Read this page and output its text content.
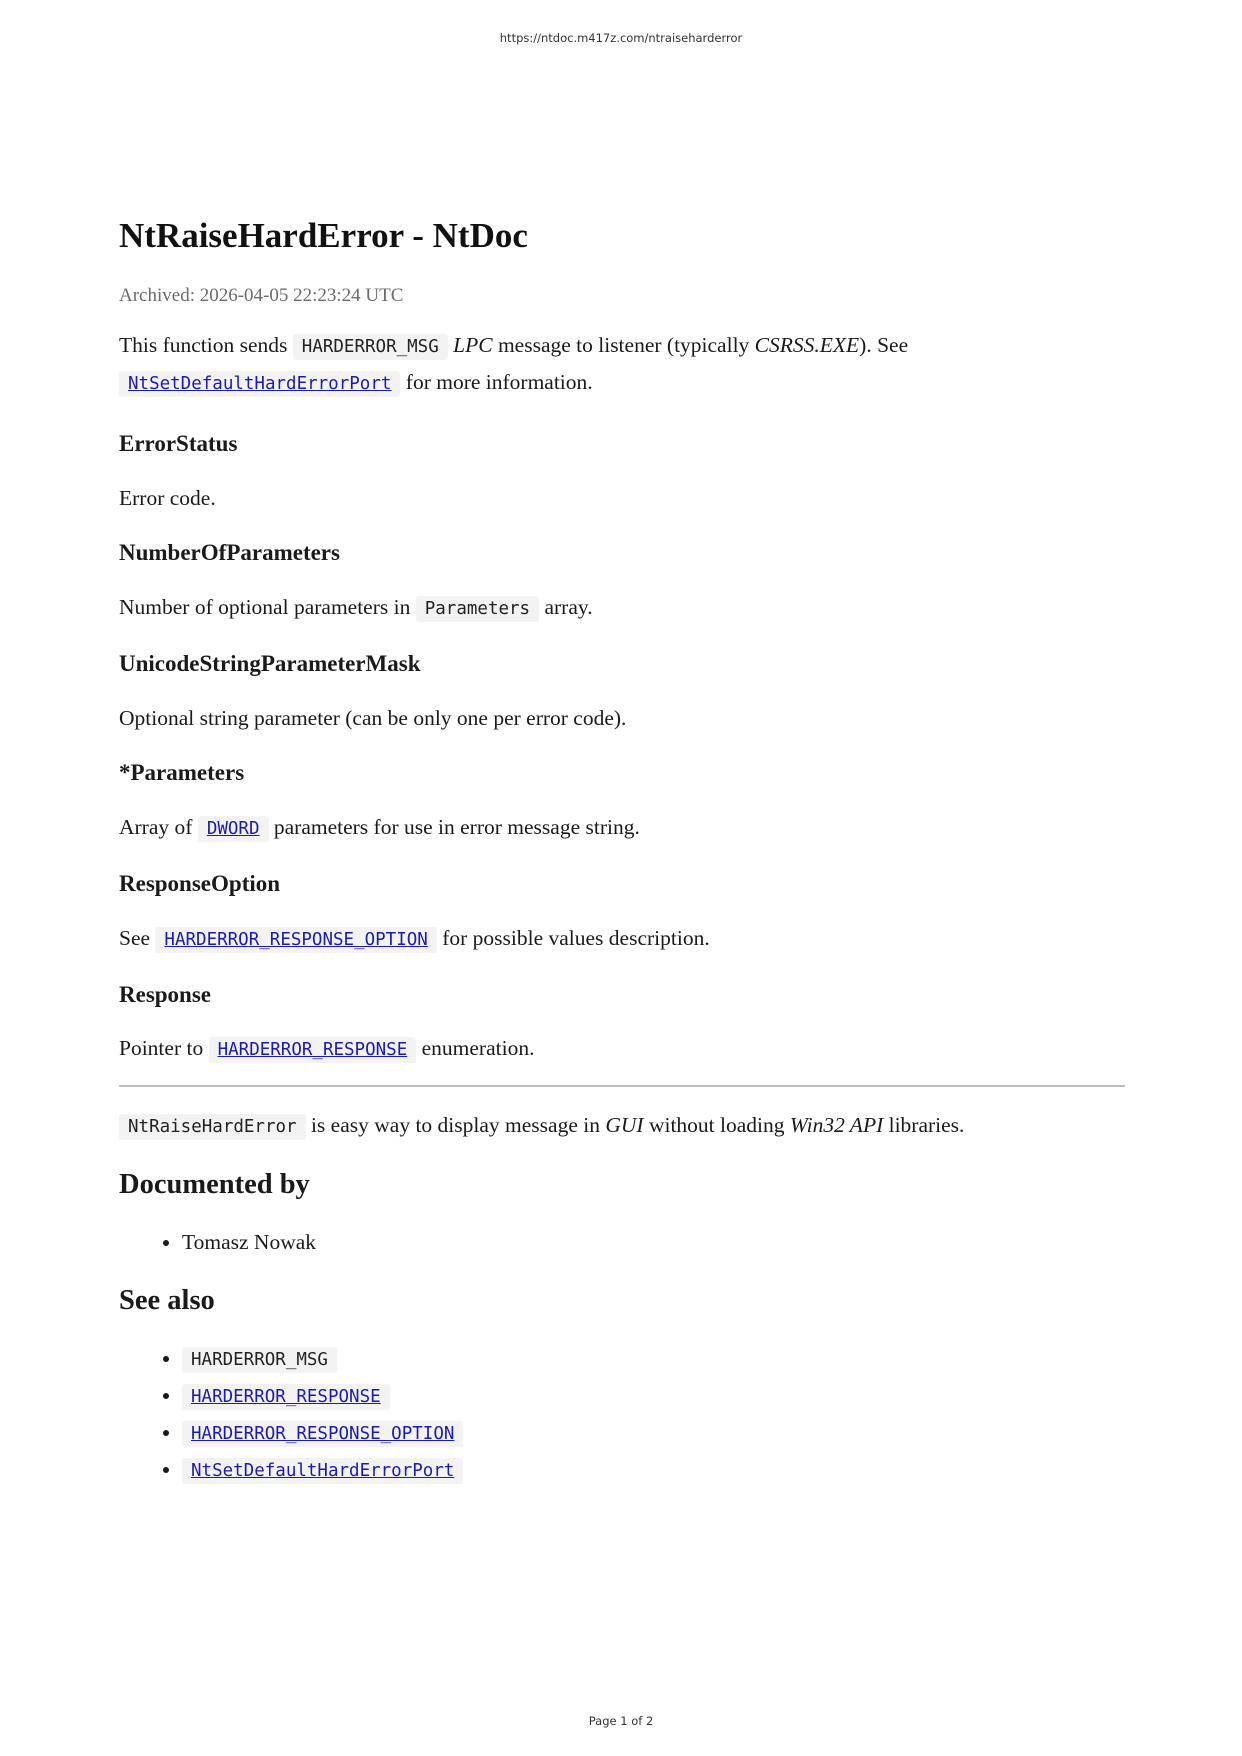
https://ntdoc.m417z.com/ntraiseharderror
NtRaiseHardError - NtDoc
Archived: 2026-04-05 22:23:24 UTC

This function sends HARDERROR_MSG LPC message to listener (typically CSRSS.EXE). See
NtSetDefaultHardErrorPort for more information.

ErrorStatus

Error code.

NumberOfParameters

Number of optional parameters in Parameters array.

UnicodeStringParameterMask

Optional string parameter (can be only one per error code).

*Parameters

Array of DWORD parameters for use in error message string.

ResponseOption

See HARDERROR_RESPONSE_OPTION for possible values description.

Response

Pointer to HARDERROR_RESPONSE enumeration.

NtRaiseHardError is easy way to display message in GUI without loading Win32 API libraries.

Documented by
• Tomasz Nowak
See also
• HARDERROR_MSG
• HARDERROR_RESPONSE
• HARDERROR_RESPONSE_OPTION
• NtSetDefaultHardErrorPort
Page 1 of 2
